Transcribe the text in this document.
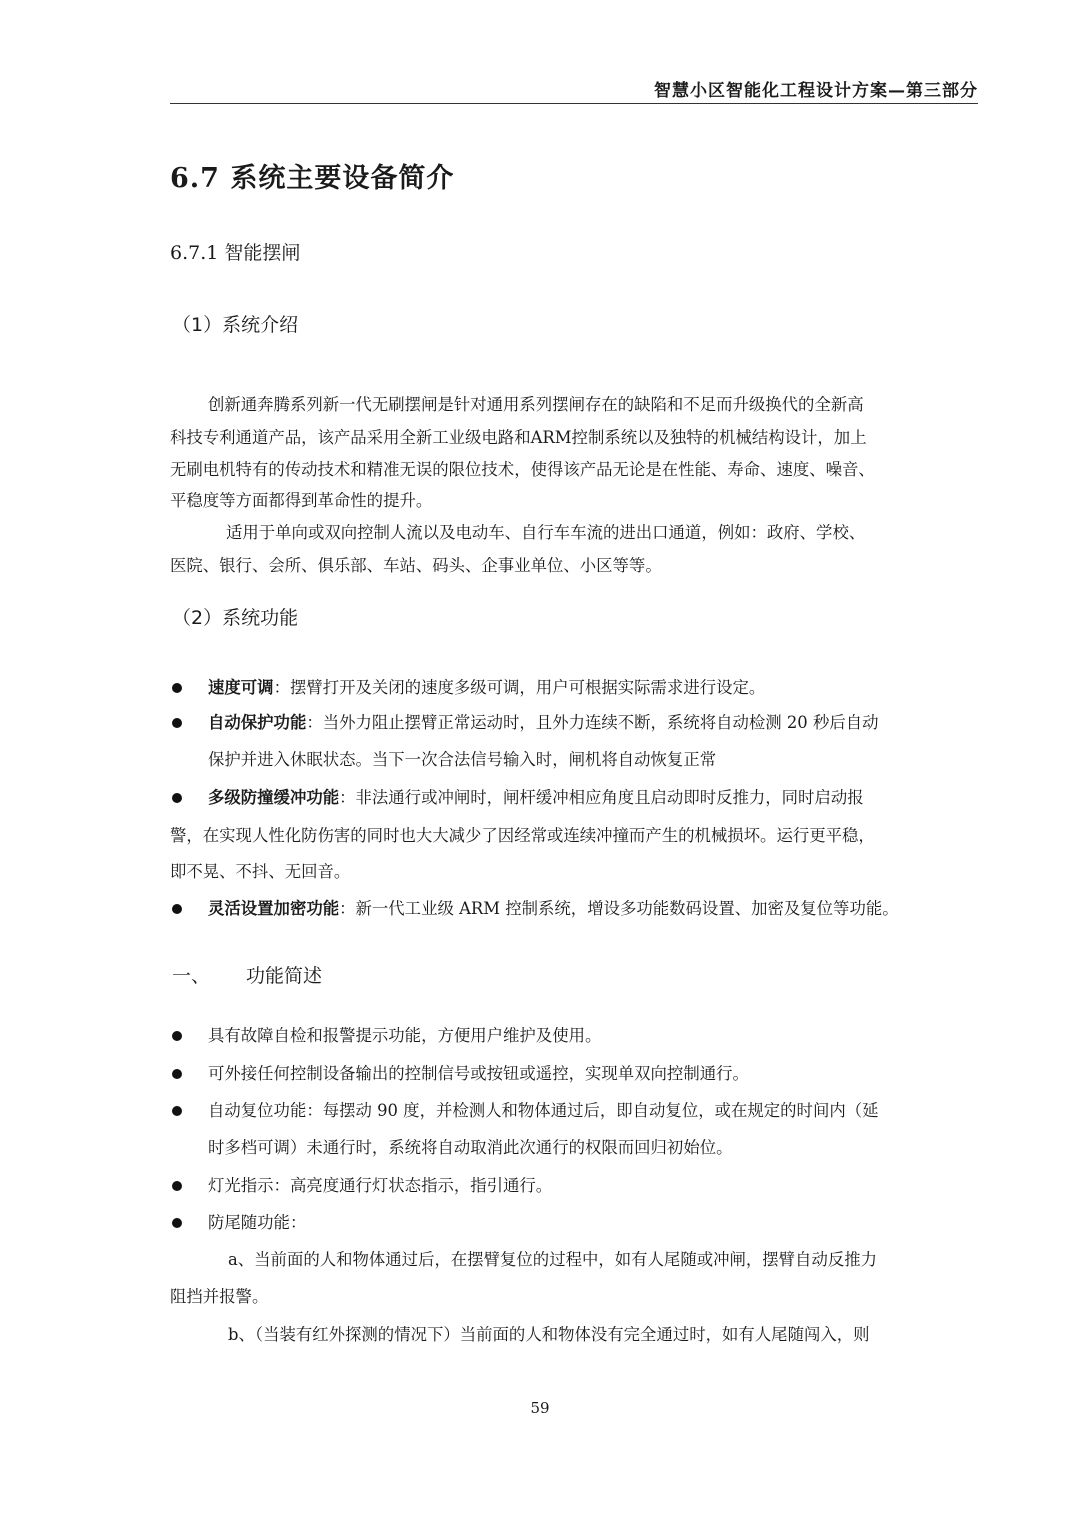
智慧小区智能化工程设计方案—第三部分
6.7 系统主要设备简介
6.7.1 智能摆闸
（1）系统介绍
创新通奔腾系列新一代无刷摆闸是针对通用系列摆闸存在的缺陷和不足而升级换代的全新高
科技专利通道产品，该产品采用全新工业级电路和ARM控制系统以及独特的机械结构设计，加上
无刷电机特有的传动技术和精准无误的限位技术，使得该产品无论是在性能、寿命、速度、噪音、
平稳度等方面都得到革命性的提升。
适用于单向或双向控制人流以及电动车、自行车车流的进出口通道，例如：政府、学校、
医院、银行、会所、俱乐部、车站、码头、企事业单位、小区等等。
（2）系统功能
速度可调：摆臂打开及关闭的速度多级可调，用户可根据实际需求进行设定。
自动保护功能：当外力阻止摆臂正常运动时，且外力连续不断，系统将自动检测 20 秒后自动
保护并进入休眠状态。当下一次合法信号输入时，闸机将自动恢复正常
多级防撞缓冲功能：非法通行或冲闸时，闸杆缓冲相应角度且启动即时反推力，同时启动报
警，在实现人性化防伤害的同时也大大减少了因经常或连续冲撞而产生的机械损坏。运行更平稳，
即不晃、不抖、无回音。
灵活设置加密功能：新一代工业级 ARM 控制系统，增设多功能数码设置、加密及复位等功能。
一、 功能简述
具有故障自检和报警提示功能，方便用户维护及使用。
可外接任何控制设备输出的控制信号或按钮或遥控，实现单双向控制通行。
自动复位功能：每摆动 90 度，并检测人和物体通过后，即自动复位，或在规定的时间内（延
时多档可调）未通行时，系统将自动取消此次通行的权限而回归初始位。
灯光指示：高亮度通行灯状态指示，指引通行。
防尾随功能：
a、当前面的人和物体通过后，在摆臂复位的过程中，如有人尾随或冲闸，摆臂自动反推力
阻挡并报警。
b、（当装有红外探测的情况下）当前面的人和物体没有完全通过时，如有人尾随闯入，则
59
